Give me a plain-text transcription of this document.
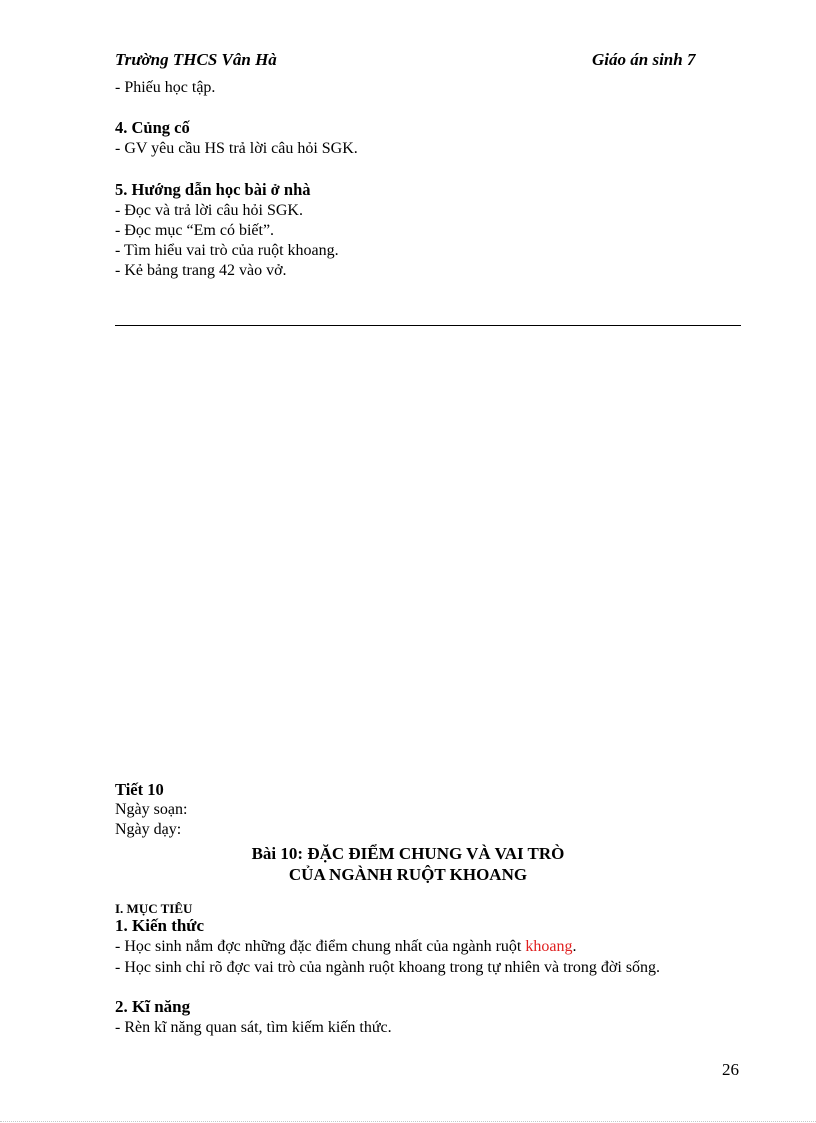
Trường THCS Vân Hà	Giáo án sinh 7
- Phiếu học tập.
4. Củng cố
- GV yêu cầu HS trả lời câu hỏi SGK.
5. Hướng dẫn học bài ở nhà
- Đọc và trả lời câu hỏi SGK.
- Đọc mục “Em có biết”.
- Tìm hiểu vai trò của ruột khoang.
- Kẻ bảng trang 42 vào vở.
Tiết 10
Ngày soạn:
Ngày dạy:
Bài 10: ĐẶC ĐIỂM CHUNG VÀ VAI TRÒ
CỦA NGÀNH RUỘT KHOANG
I. MỤC TIÊU
1. Kiến thức

- Học sinh nắm đợc những đặc điểm chung nhất của ngành ruột khoang.

- Học sinh chỉ rõ đợc vai trò của ngành ruột khoang trong tự nhiên và trong đời sống.

2. Kĩ năng
- Rèn kĩ năng quan sát, tìm kiếm kiến thức.
26
